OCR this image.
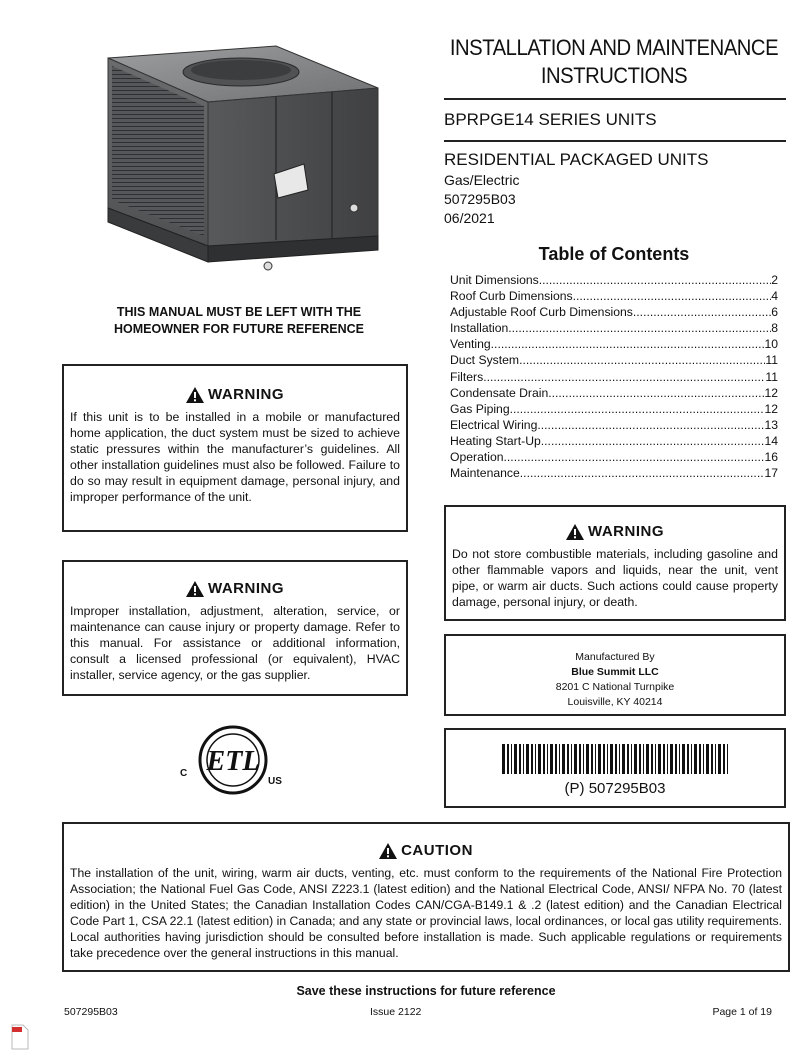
INSTALLATION AND MAINTENANCE
INSTRUCTIONS
BPRPGE14 SERIES UNITS
RESIDENTIAL PACKAGED UNITS
Gas/Electric
507295B03
06/2021
Table of Contents
Unit Dimensions .....	2
Roof Curb Dimensions .....	4
Adjustable Roof Curb Dimensions .....	6
Installation .....	8
Venting .....	10
Duct System .....	11
Filters .....	11
Condensate Drain .....	12
Gas Piping .....	12
Electrical Wiring .....	13
Heating Start-Up .....	14
Operation .....	16
Maintenance .....	17
THIS MANUAL MUST BE LEFT WITH THE
HOMEOWNER FOR FUTURE REFERENCE
WARNING
If this unit is to be installed in a mobile or manufactured home application, the duct system must be sized to achieve static pressures within the manufacturer’s guidelines. All other installation guidelines must also be followed. Failure to do so may result in equipment damage, personal injury, and improper performance of the unit.
WARNING
Improper installation, adjustment, alteration, service, or maintenance can cause injury or property damage. Refer to this manual. For assistance or additional information, consult a licensed professional (or equivalent), HVAC installer, service agency, or the gas supplier.
WARNING
Do not store combustible materials, including gasoline and other flammable vapors and liquids, near the unit, vent pipe, or warm air ducts. Such actions could cause property damage, personal injury, or death.
Manufactured By
Blue Summit LLC
8201 C National Turnpike
Louisville, KY 40214
ETL
C
US	(P) 507295B03
CAUTION
The installation of the unit, wiring, warm air ducts, venting, etc. must conform to the requirements of the National Fire Protection Association; the National Fuel Gas Code, ANSI Z223.1 (latest edition) and the National Electrical Code, ANSI/ NFPA No. 70 (latest edition) in the United States; the Canadian Installation Codes CAN/CGA-B149.1 & .2 (latest edition) and the Canadian Electrical Code Part 1, CSA 22.1 (latest edition) in Canada; and any state or provincial laws, local ordinances, or local gas utility requirements. Local authorities having jurisdiction should be consulted before installation is made. Such applicable regulations or requirements take precedence over the general instructions in this manual.
Save these instructions for future reference
507295B03	Issue 2122	Page 1 of 19
